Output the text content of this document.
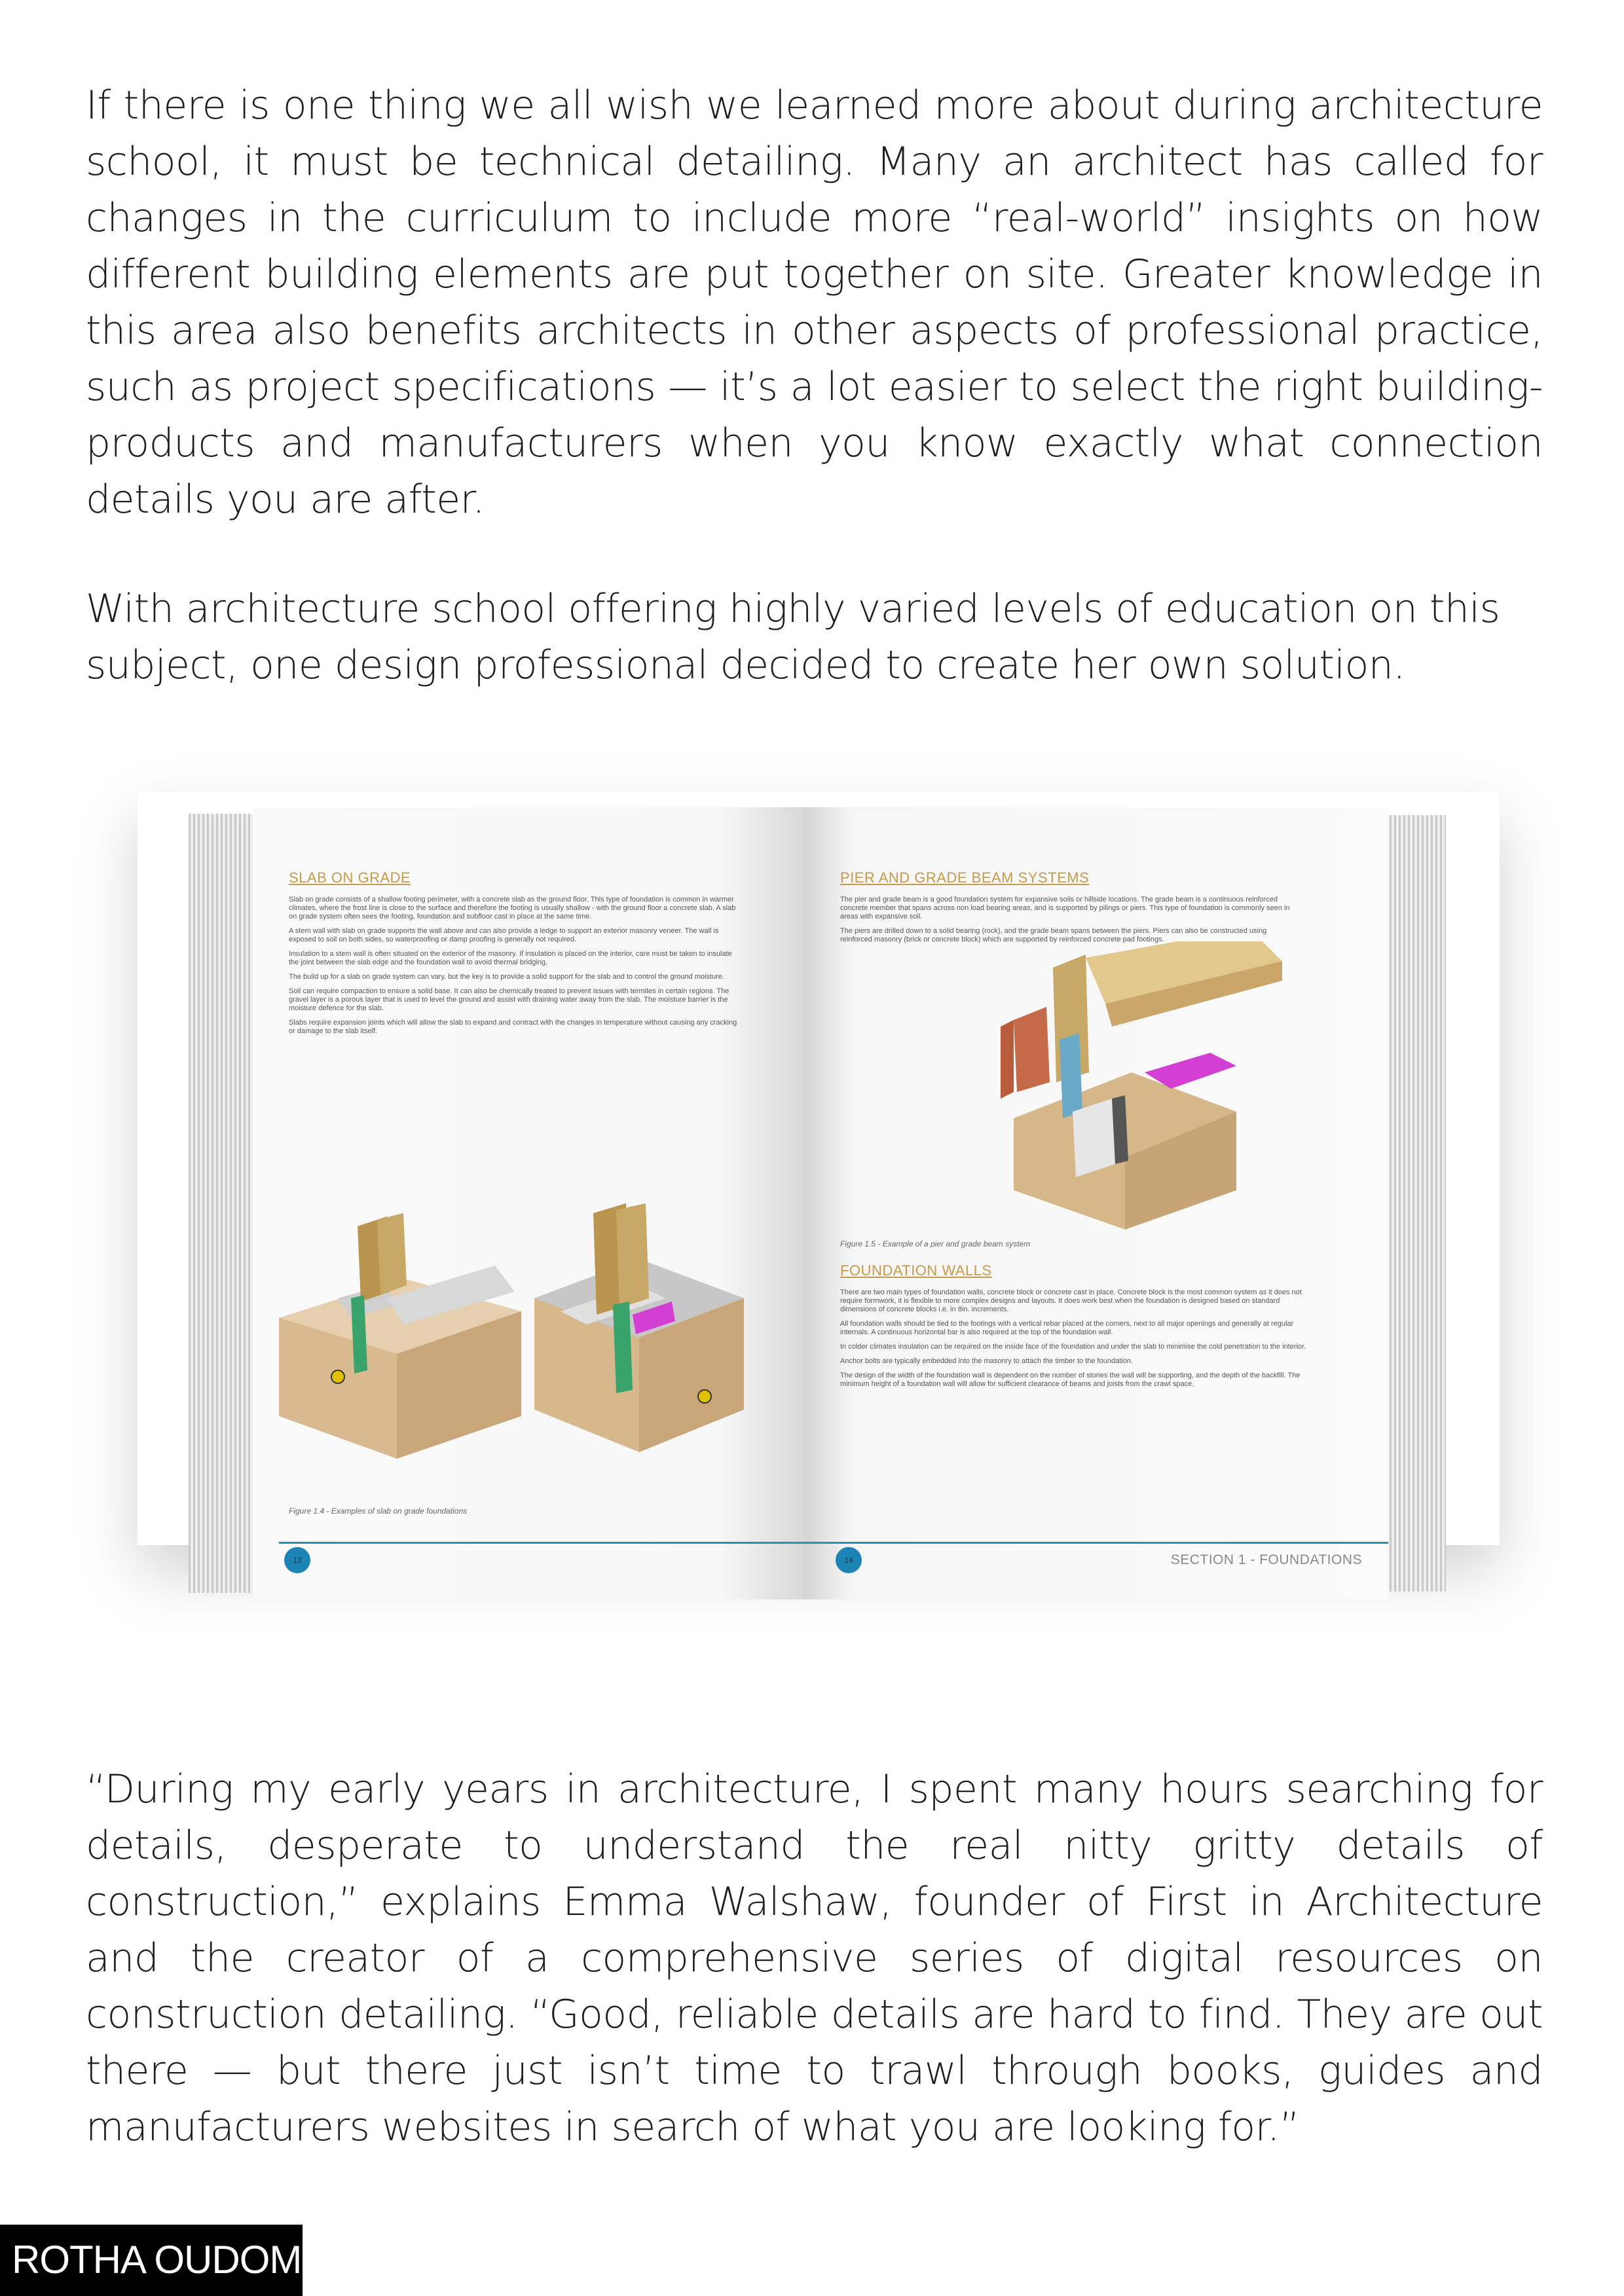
If there is one thing we all wish we learned more about during architecture school, it must be technical detailing. Many an architect has called for changes in the curriculum to include more “real-world” insights on how different building elements are put together on site. Greater knowledge in this area also benefits architects in other aspects of professional practice, such as project specifications — it’s a lot easier to select the right building-products and manufacturers when you know exactly what connection details you are after.

With architecture school offering highly varied levels of education on this subject, one design professional decided to create her own solution.

SLAB ON GRADE

Slab on grade consists of a shallow footing perimeter, with a concrete slab as the ground floor. This type of foundation is common in warmer climates, where the frost line is close to the surface and therefore the footing is usually shallow - with the ground floor a concrete slab. A slab on grade system often sees the footing, foundation and subfloor cast in place at the same time.

A stem wall with slab on grade supports the wall above and can also provide a ledge to support an exterior masonry veneer. The wall is exposed to soil on both sides, so waterproofing or damp proofing is generally not required.

Insulation to a stem wall is often situated on the exterior of the masonry. If insulation is placed on the interior, care must be taken to insulate the joint between the slab edge and the foundation wall to avoid thermal bridging.

The build up for a slab on grade system can vary, but the key is to provide a solid support for the slab and to control the ground moisture.

Soil can require compaction to ensure a solid base. It can also be chemically treated to prevent issues with termites in certain regions. The gravel layer is a porous layer that is used to level the ground and assist with draining water away from the slab. The moisture barrier is the moisture defence for the slab.

Slabs require expansion joints which will allow the slab to expand and contract with the changes in temperature without causing any cracking or damage to the slab itself.

Figure 1.4 - Examples of slab on grade foundations
13
PIER AND GRADE BEAM SYSTEMS

The pier and grade beam is a good foundation system for expansive soils or hillside locations. The grade beam is a continuous reinforced concrete member that spans across non load bearing areas, and is supported by pilings or piers. This type of foundation is commonly seen in areas with expansive soil.

The piers are drilled down to a solid bearing (rock), and the grade beam spans between the piers. Piers can also be constructed using reinforced masonry (brick or concrete block) which are supported by reinforced concrete pad footings.

Figure 1.5 - Example of a pier and grade beam system
FOUNDATION WALLS

There are two main types of foundation walls, concrete block or concrete cast in place. Concrete block is the most common system as it does not require formwork, it is flexible to more complex designs and layouts. It does work best when the foundation is designed based on standard dimensions of concrete blocks i.e. in 8in. increments.

All foundation walls should be tied to the footings with a vertical rebar placed at the corners, next to all major openings and generally at regular internals. A continuous horizontal bar is also required at the top of the foundation wall.

In colder climates insulation can be required on the inside face of the foundation and under the slab to minimise the cold penetration to the interior.

Anchor bolts are typically embedded into the masonry to attach the timber to the foundation.

The design of the width of the foundation wall is dependent on the number of stories the wall will be supporting, and the depth of the backfill. The minimum height of a foundation wall will allow for sufficient clearance of beams and joists from the crawl space.

14	SECTION 1 - FOUNDATIONS

“During my early years in architecture, I spent many hours searching for details, desperate to understand the real nitty gritty details of construction,” explains Emma Walshaw, founder of First in Architecture and the creator of a comprehensive series of digital resources on construction detailing. “Good, reliable details are hard to find. They are out there — but there just isn’t time to trawl through books, guides and manufacturers websites in search of what you are looking for.”

ROTHA OUDOM
